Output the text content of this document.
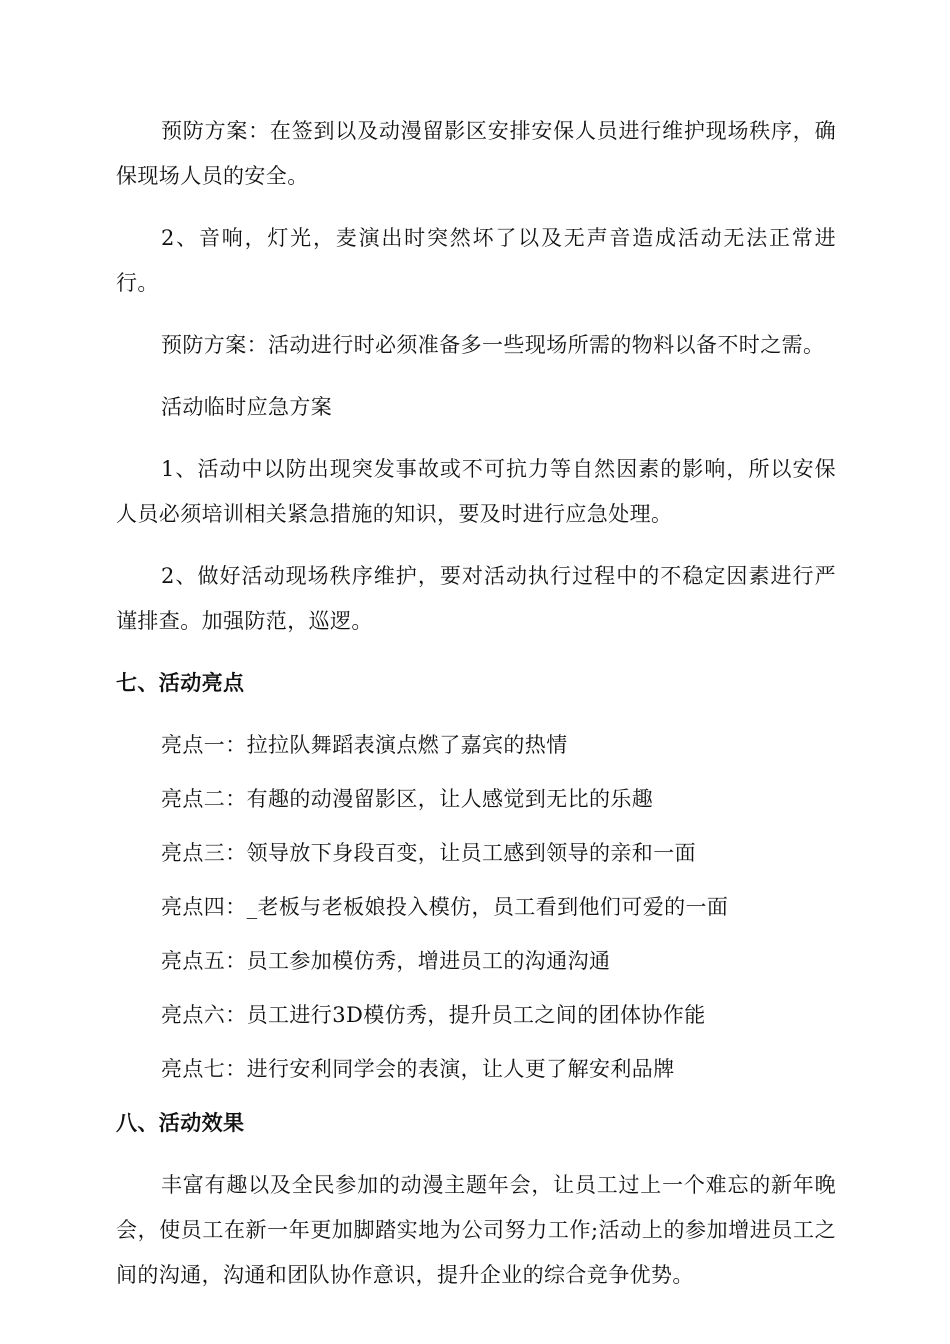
预防方案：在签到以及动漫留影区安排安保人员进行维护现场秩序，确保现场人员的安全。

2、音响，灯光，麦演出时突然坏了以及无声音造成活动无法正常进行。

预防方案：活动进行时必须准备多一些现场所需的物料以备不时之需。

活动临时应急方案

1、活动中以防出现突发事故或不可抗力等自然因素的影响，所以安保人员必须培训相关紧急措施的知识，要及时进行应急处理。

2、做好活动现场秩序维护，要对活动执行过程中的不稳定因素进行严谨排查。加强防范，巡逻。

七、活动亮点

亮点一：拉拉队舞蹈表演点燃了嘉宾的热情

亮点二：有趣的动漫留影区，让人感觉到无比的乐趣

亮点三：领导放下身段百变，让员工感到领导的亲和一面

亮点四：_老板与老板娘投入模仿，员工看到他们可爱的一面

亮点五：员工参加模仿秀，增进员工的沟通沟通

亮点六：员工进行3D模仿秀，提升员工之间的团体协作能

亮点七：进行安利同学会的表演，让人更了解安利品牌

八、活动效果

丰富有趣以及全民参加的动漫主题年会，让员工过上一个难忘的新年晚会，使员工在新一年更加脚踏实地为公司努力工作;活动上的参加增进员工之间的沟通，沟通和团队协作意识，提升企业的综合竞争优势。
